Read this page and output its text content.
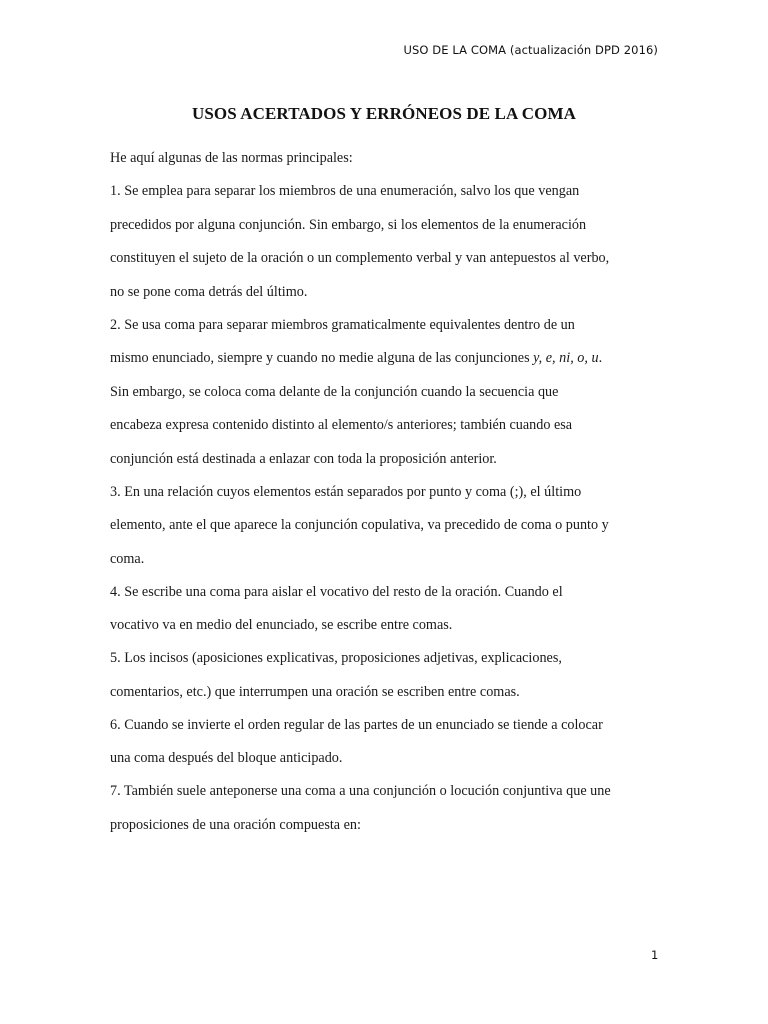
USO DE LA COMA (actualización DPD 2016)
USOS ACERTADOS Y ERRÓNEOS DE LA COMA

He aquí algunas de las normas principales:

1. Se emplea para separar los miembros de una enumeración, salvo los que vengan
precedidos por alguna conjunción. Sin embargo, si los elementos de la enumeración
constituyen el sujeto de la oración o un complemento verbal y van antepuestos al verbo,
no se pone coma detrás del último.

2. Se usa coma para separar miembros gramaticalmente equivalentes dentro de un
mismo enunciado, siempre y cuando no medie alguna de las conjunciones y, e, ni, o, u.
Sin embargo, se coloca coma delante de la conjunción cuando la secuencia que
encabeza expresa contenido distinto al elemento/s anteriores; también cuando esa
conjunción está destinada a enlazar con toda la proposición anterior.

3. En una relación cuyos elementos están separados por punto y coma (;), el último
elemento, ante el que aparece la conjunción copulativa, va precedido de coma o punto y
coma.

4. Se escribe una coma para aislar el vocativo del resto de la oración. Cuando el
vocativo va en medio del enunciado, se escribe entre comas.

5. Los incisos (aposiciones explicativas, proposiciones adjetivas, explicaciones,
comentarios, etc.) que interrumpen una oración se escriben entre comas.

6. Cuando se invierte el orden regular de las partes de un enunciado se tiende a colocar
una coma después del bloque anticipado.

7. También suele anteponerse una coma a una conjunción o locución conjuntiva que une
proposiciones de una oración compuesta en:

1
